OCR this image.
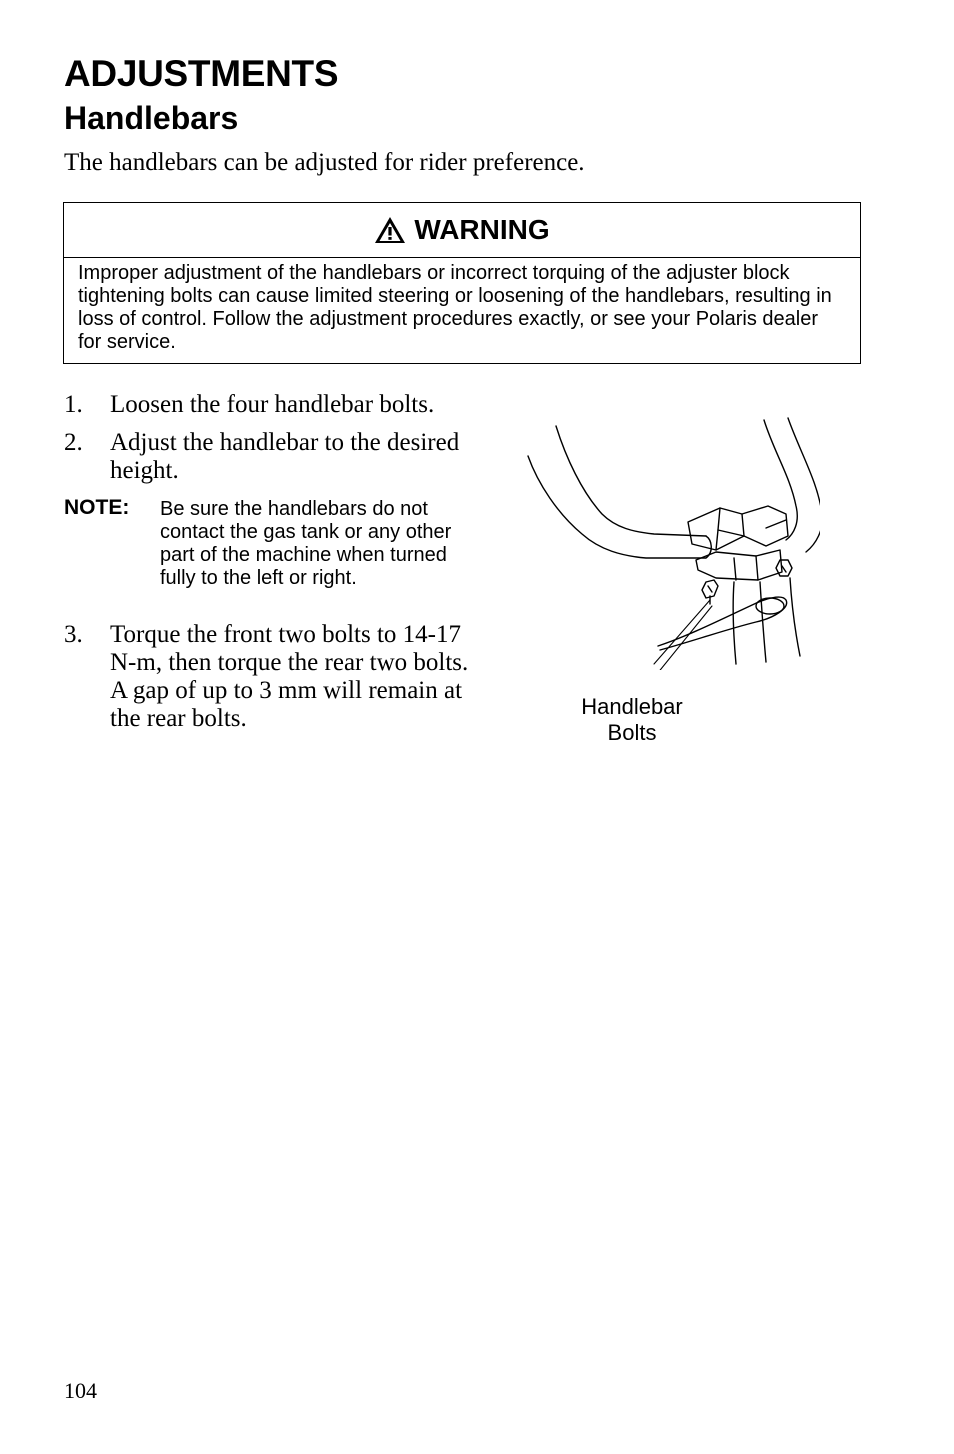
ADJUSTMENTS
Handlebars

The handlebars can be adjusted for rider preference.

WARNING

Improper adjustment of the handlebars or incorrect torquing of the adjuster block tightening bolts can cause limited steering or loosening of the handlebars, resulting in loss of control. Follow the adjustment procedures exactly, or see your Polaris dealer for service.

1.	Loosen the four handlebar bolts.
2.	Adjust the handlebar to the desired height.
NOTE:	Be sure the handlebars do not contact the gas tank or any other part of the machine when turned fully to the left or right.

3.	Torque the front two bolts to 14-17 N-m, then torque the rear two bolts. A gap of up to 3 mm will remain at the rear bolts.	Handlebar
Bolts

104
